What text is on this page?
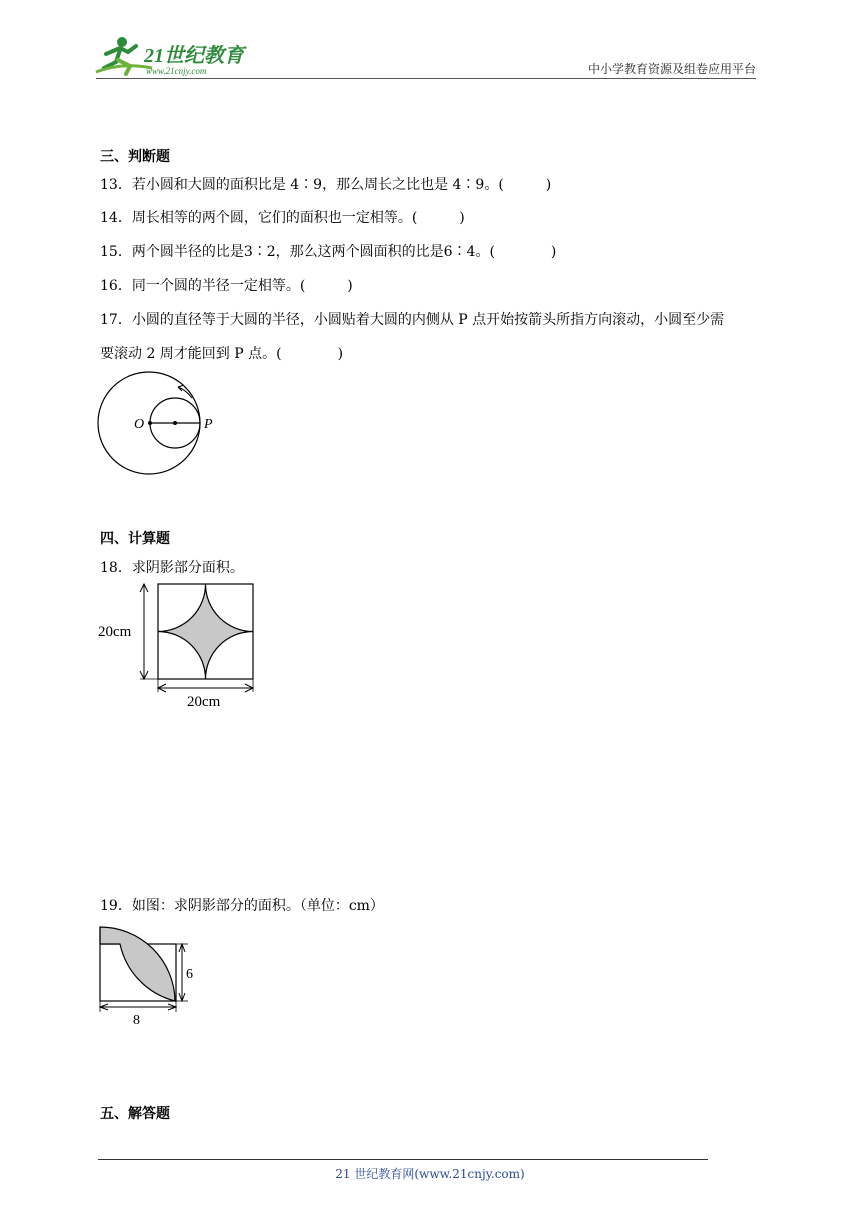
21世纪教育
www.21cnjy.com	中小学教育资源及组卷应用平台
三、判断题
13．若小圆和大圆的面积比是 4∶9，那么周长之比也是 4∶9。(　　　)
14．周长相等的两个圆，它们的面积也一定相等。(　　　)
15．两个圆半径的比是3∶2，那么这两个圆面积的比是6∶4。(　　　　)
16．同一个圆的半径一定相等。(　　　)
17．小圆的直径等于大圆的半径，小圆贴着大圆的内侧从 P 点开始按箭头所指方向滚动，小圆至少需
要滚动 2 周才能回到 P 点。(　　　　)
O	P
四、计算题
18．求阴影部分面积。
20cm
20cm
19．如图：求阴影部分的面积。（单位：cm）
6
8
五、解答题
21 世纪教育网(www.21cnjy.com)
